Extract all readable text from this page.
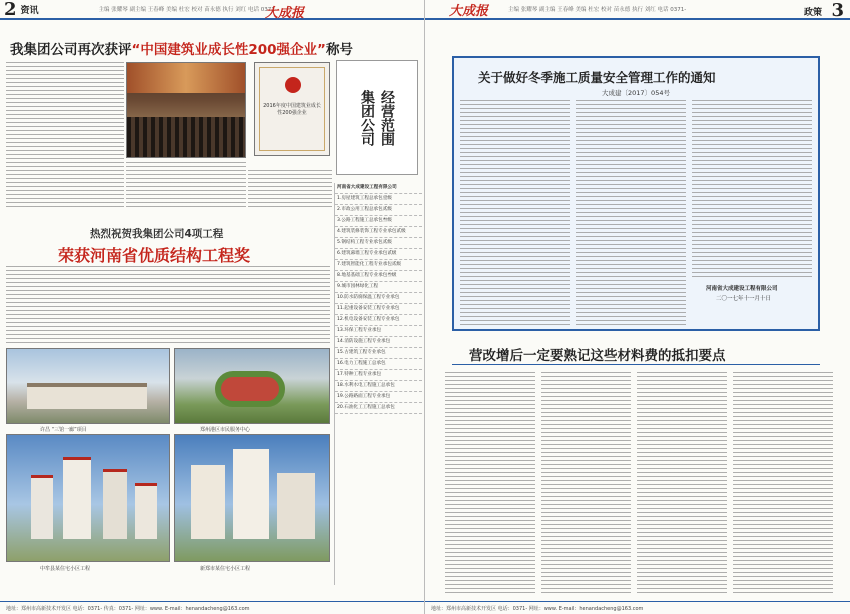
2 资讯	主编 张耀琴 副主编 王春峰 美编 杜宏 校对 苗永德 执行 刘红 电话 0371-
大成报
我集团公司再次获评“中国建筑业成长性200强企业”称号
2016年度中国建筑业成长性200强企业	集团公司 经营范围
河南省大成建设工程有限公司
1.房屋建筑工程总承包壹级
2.市政公用工程总承包贰级
3.公路工程施工总承包叁级
4.建筑装修装饰工程专业承包贰级
5.钢结构工程专业承包贰级
6.建筑幕墙工程专业承包贰级
7.建筑智能化工程专业承包贰级
8.地基基础工程专业承包叁级
9.城市园林绿化工程
10.防水防腐保温工程专业承包
11.起重设备安装工程专业承包
12.机电设备安装工程专业承包
13.环保工程专业承包
14.消防设施工程专业承包
15.古建筑工程专业承包
16.电力工程施工总承包
17.特种工程专业承包
18.水利水电工程施工总承包
19.公路路面工程专业承包
20.石油化工工程施工总承包
热烈祝贺我集团公司4项工程
荣获河南省优质结构工程奖
许昌 “三馆一廊”项目	郑州港区市民服务中心
中牟县某住宅小区工程	新郑市某住宅小区工程
地址：郑州市高新技术开发区 电话：0371- 传真：0371- 网址：www. E-mail：henandacheng@163.com
大成报	主编 张耀琴 副主编 王春峰 美编 杜宏 校对 苗永德 执行 刘红 电话 0371-	政策 3
关于做好冬季施工质量安全管理工作的通知
大成建〔2017〕054号
河南省大成建设工程有限公司
二〇一七年十一月十日
营改增后一定要熟记这些材料费的抵扣要点
地址：郑州市高新技术开发区 电话：0371- 网址：www. E-mail：henandacheng@163.com
